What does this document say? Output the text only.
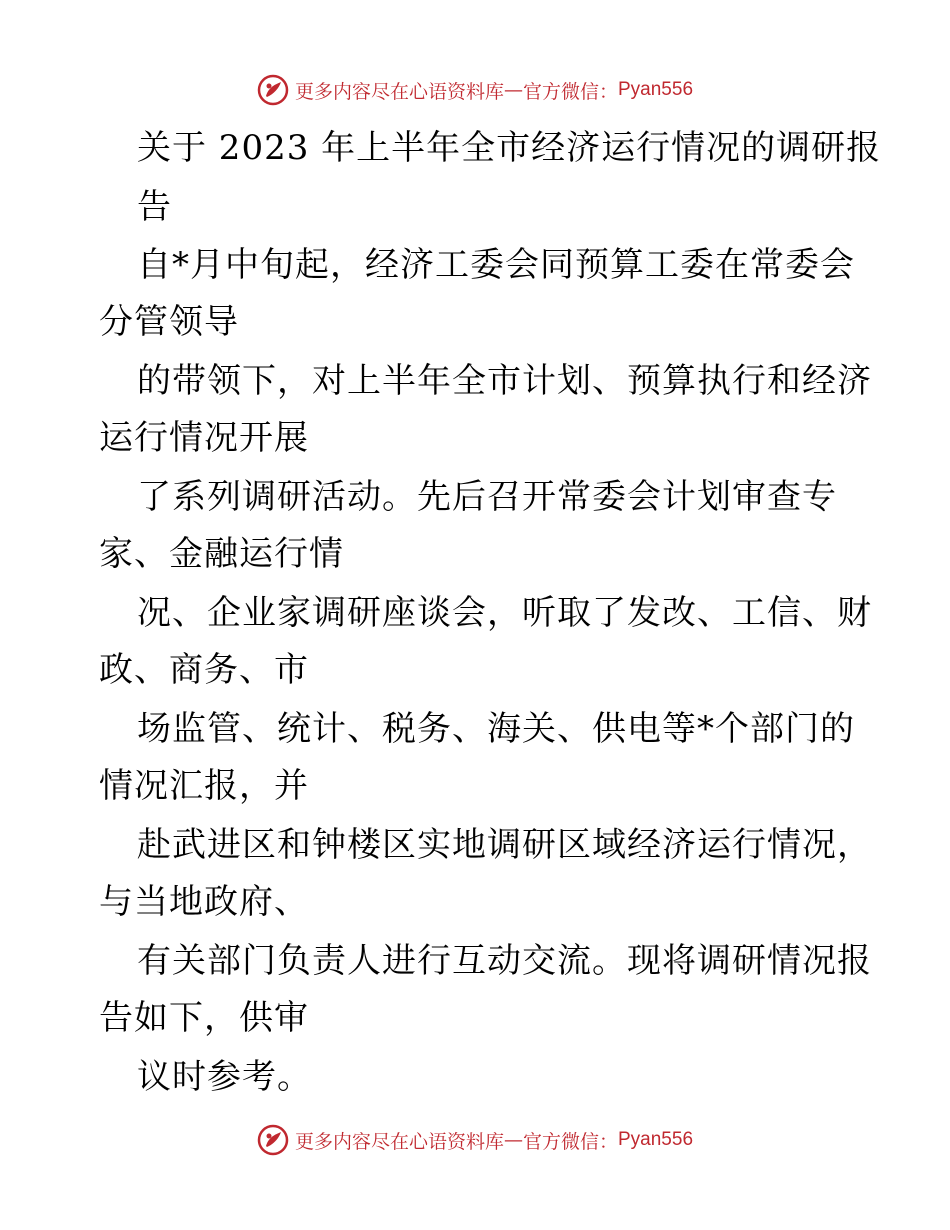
更多内容尽在心语资料库 — 官方微信： Pyan556
关于 2023 年上半年全市经济运行情况的调研报
告
自*月中旬起，经济工委会同预算工委在常委会
分管领导
的带领下，对上半年全市计划、预算执行和经济
运行情况开展
了系列调研活动。先后召开常委会计划审查专
家、金融运行情
况、企业家调研座谈会，听取了发改、工信、财
政、商务、市
场监管、统计、税务、海关、供电等*个部门的
情况汇报，并
赴武进区和钟楼区实地调研区域经济运行情况，
与当地政府、
有关部门负责人进行互动交流。现将调研情况报
告如下，供审
议时参考。
更多内容尽在心语资料库 — 官方微信： Pyan556
